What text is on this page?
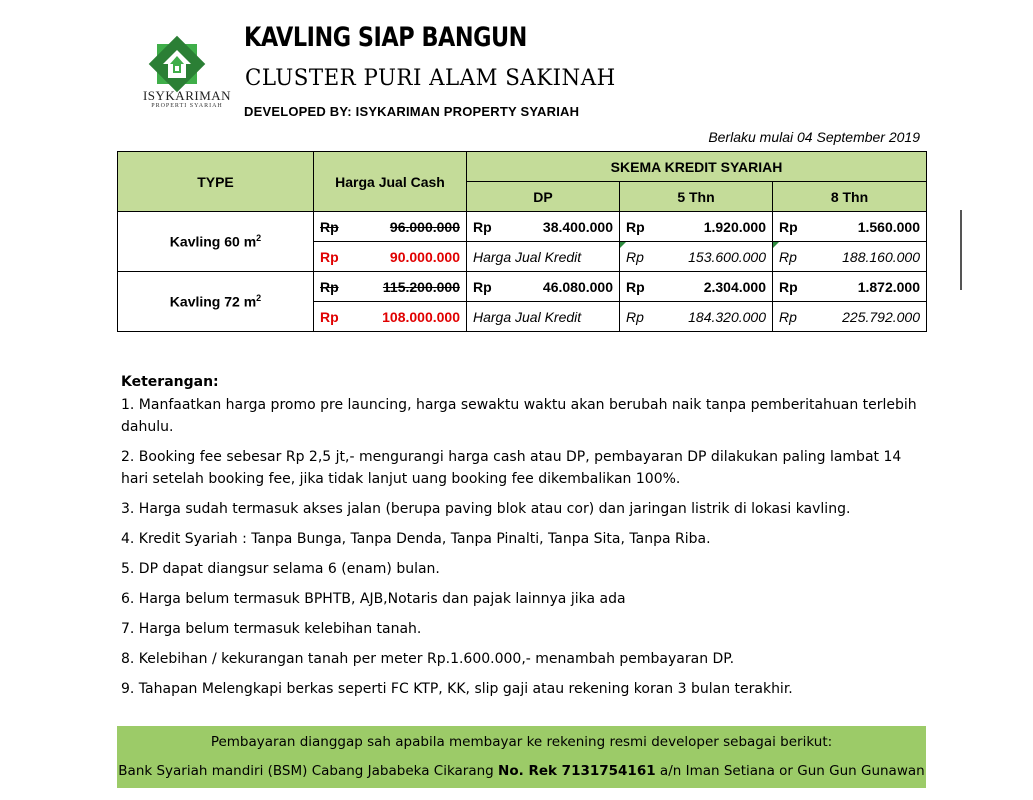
ISYKARIMAN
PROPERTI SYARIAH
KAVLING SIAP BANGUN
CLUSTER PURI ALAM SAKINAH
DEVELOPED BY: ISYKARIMAN PROPERTY SYARIAH
Berlaku mulai 04 September 2019
TYPE	Harga Jual Cash	SKEMA KREDIT SYARIAH		
		DP	5 Thn	8 Thn
Kavling 60 $m^2$	Rp 96.000.000	Rp 38.400.000	Rp 1.920.000	Rp 1.560.000

	Rp 90.000.000	Harga Jual Kredit	Rp 153.600.000	Rp 188.160.000

Kavling 72 $m^2$	Rp 115.200.000	Rp 46.080.000	Rp 2.304.000	Rp 1.872.000

	Rp 108.000.000	Harga Jual Kredit	Rp 184.320.000	Rp 225.792.000
Keterangan:
1. Manfaatkan harga promo pre launcing, harga sewaktu waktu akan berubah naik tanpa pemberitahuan terlebih dahulu.
2. Booking fee sebesar Rp 2,5 jt,- mengurangi harga cash atau DP, pembayaran DP dilakukan paling lambat 14 hari setelah booking fee, jika tidak lanjut uang booking fee dikembalikan 100%.
3. Harga sudah termasuk akses jalan (berupa paving blok atau cor) dan jaringan listrik di lokasi kavling.
4. Kredit Syariah : Tanpa Bunga, Tanpa Denda, Tanpa Pinalti, Tanpa Sita, Tanpa Riba.
5. DP dapat diangsur selama 6 (enam) bulan.
6. Harga belum termasuk BPHTB, AJB,Notaris dan pajak lainnya jika ada
7. Harga belum termasuk kelebihan tanah.
8. Kelebihan / kekurangan tanah per meter Rp.1.600.000,- menambah pembayaran DP.
9. Tahapan Melengkapi berkas seperti FC KTP, KK, slip gaji atau rekening koran 3 bulan terakhir.
Pembayaran dianggap sah apabila membayar ke rekening resmi developer sebagai berikut:
Bank Syariah mandiri (BSM) Cabang Jababeka Cikarang No. Rek 7131754161 a/n Iman Setiana or Gun Gun Gunawan
